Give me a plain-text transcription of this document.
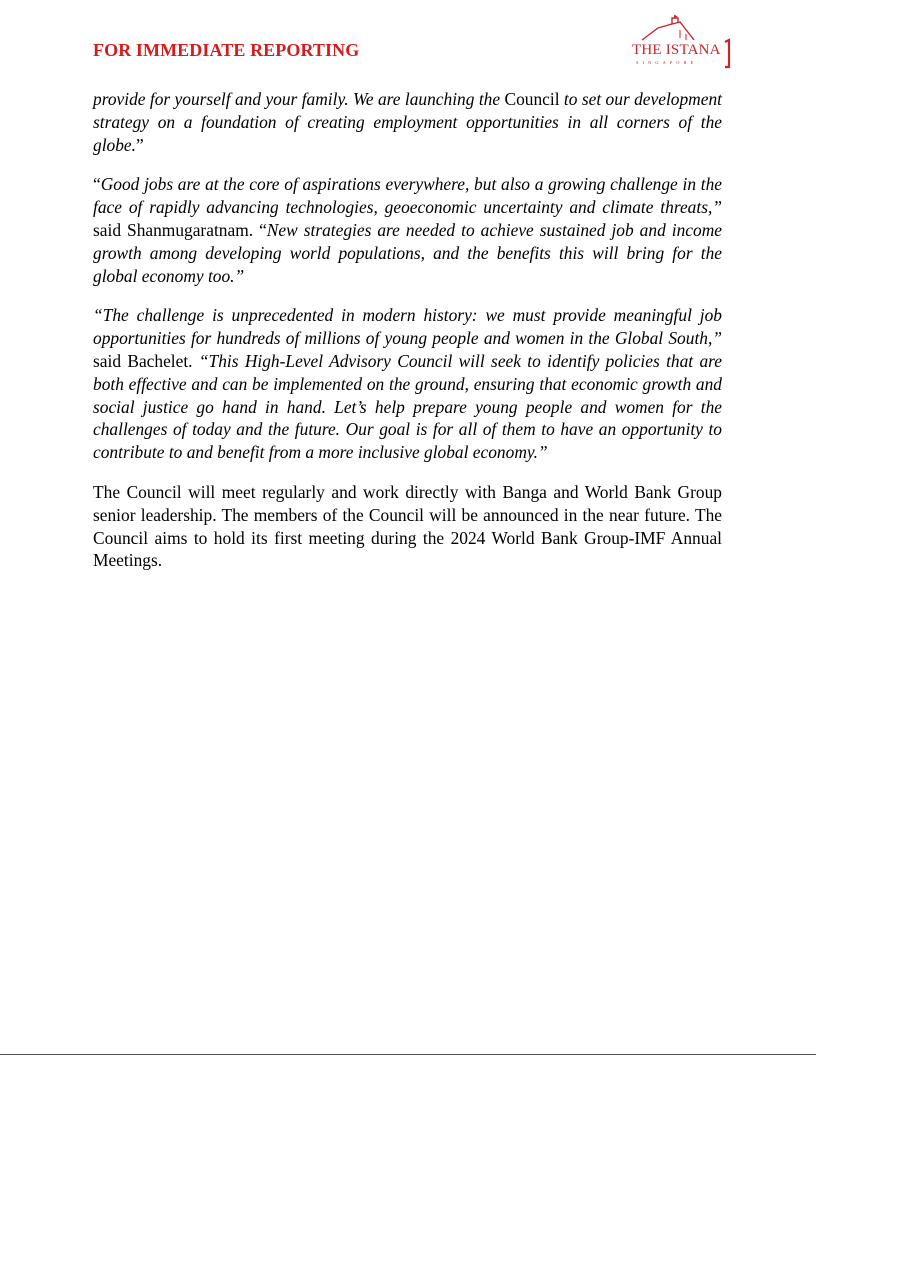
FOR IMMEDIATE REPORTING	THE ISTANA
SINGAPORE

provide for yourself and your family. We are launching the Council to set our development strategy on a foundation of creating employment opportunities in all corners of the globe.”

“Good jobs are at the core of aspirations everywhere, but also a growing challenge in the face of rapidly advancing technologies, geoeconomic uncertainty and climate threats,” said Shanmugaratnam. “New strategies are needed to achieve sustained job and income growth among developing world populations, and the benefits this will bring for the global economy too.”

“The challenge is unprecedented in modern history: we must provide meaningful job opportunities for hundreds of millions of young people and women in the Global South,” said Bachelet. “This High-Level Advisory Council will seek to identify policies that are both effective and can be implemented on the ground, ensuring that economic growth and social justice go hand in hand. Let’s help prepare young people and women for the challenges of today and the future. Our goal is for all of them to have an opportunity to contribute to and benefit from a more inclusive global economy.”

The Council will meet regularly and work directly with Banga and World Bank Group senior leadership. The members of the Council will be announced in the near future. The Council aims to hold its first meeting during the 2024 World Bank Group-IMF Annual Meetings.
